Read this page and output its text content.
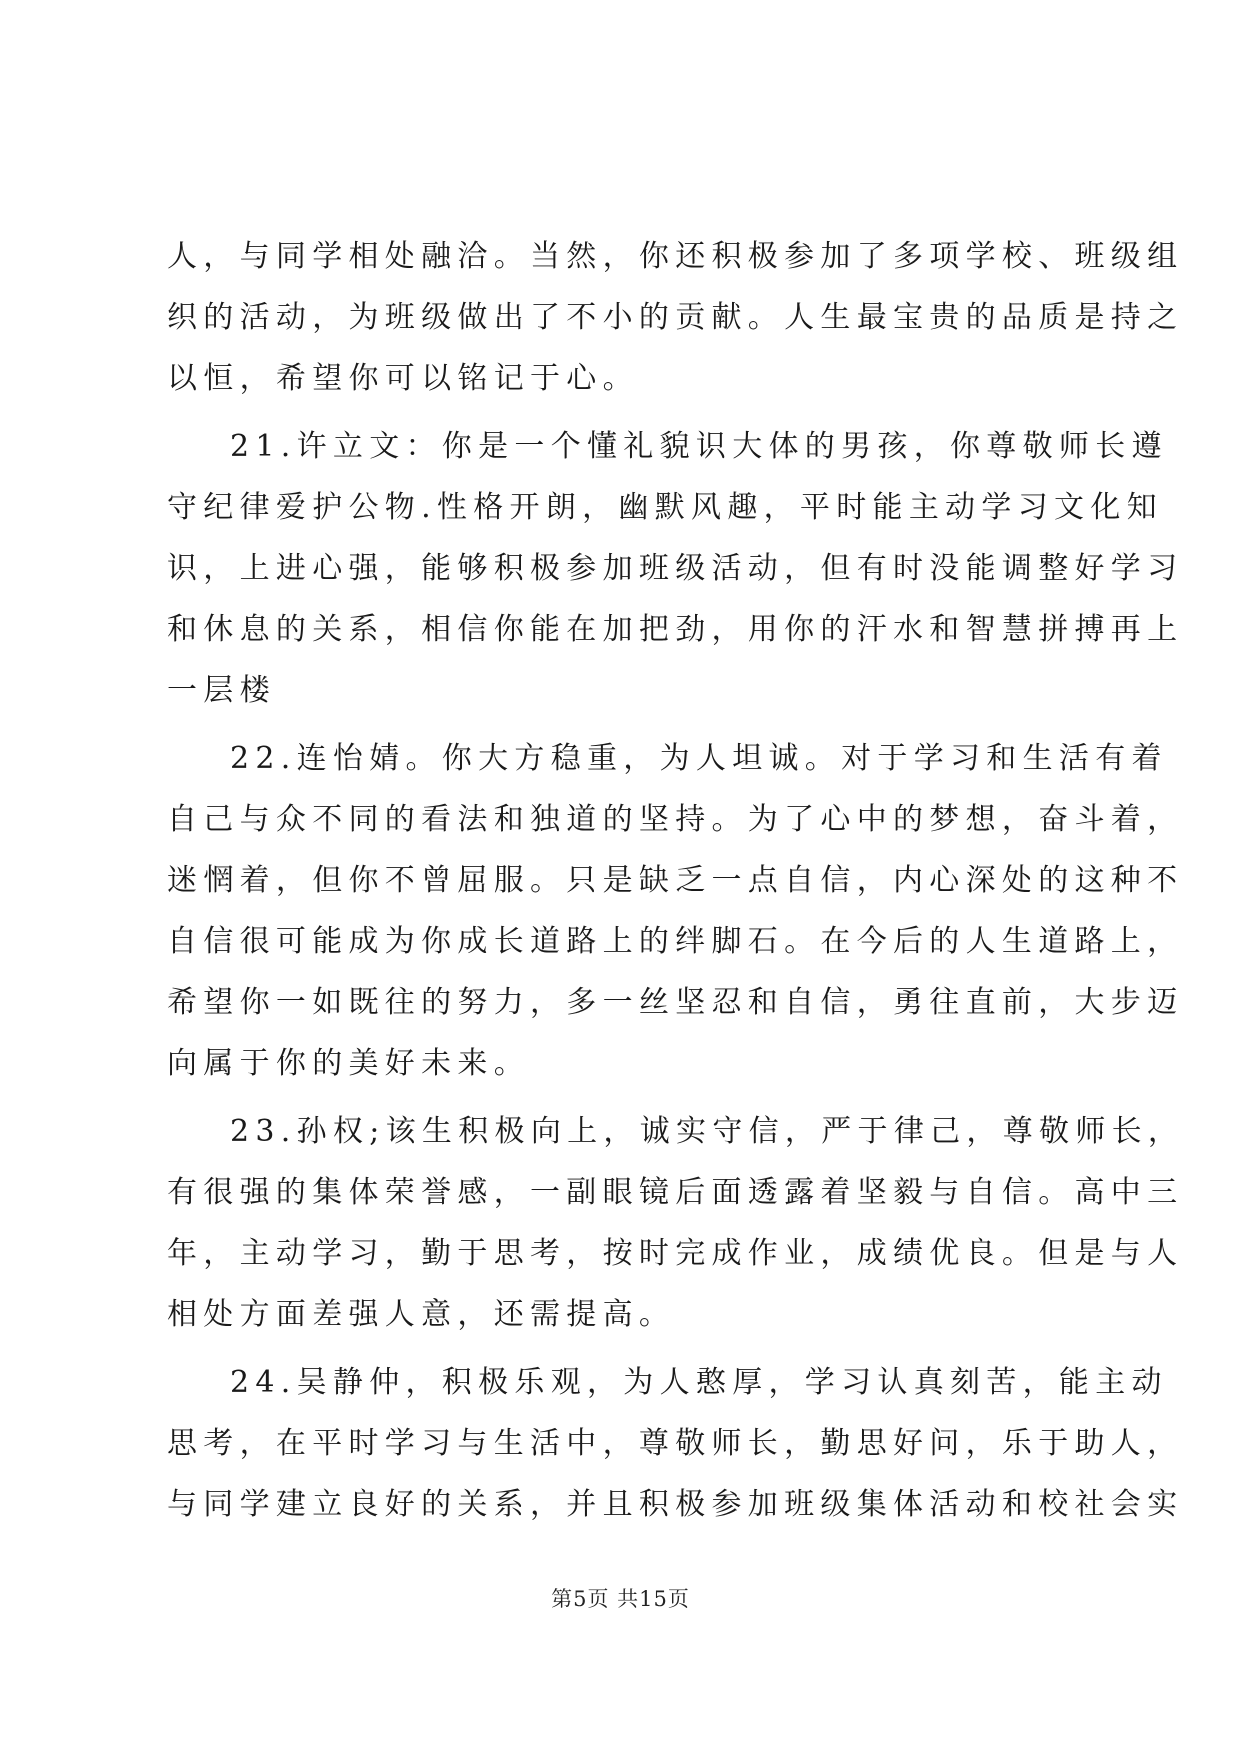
人，与同学相处融洽。当然，你还积极参加了多项学校、班级组
织的活动，为班级做出了不小的贡献。人生最宝贵的品质是持之
以恒，希望你可以铭记于心。
21.许立文：你是一个懂礼貌识大体的男孩，你尊敬师长遵
守纪律爱护公物.性格开朗，幽默风趣，平时能主动学习文化知
识，上进心强，能够积极参加班级活动，但有时没能调整好学习
和休息的关系，相信你能在加把劲，用你的汗水和智慧拼搏再上
一层楼
22.连怡婧。你大方稳重，为人坦诚。对于学习和生活有着
自己与众不同的看法和独道的坚持。为了心中的梦想，奋斗着，
迷惘着，但你不曾屈服。只是缺乏一点自信，内心深处的这种不
自信很可能成为你成长道路上的绊脚石。在今后的人生道路上，
希望你一如既往的努力，多一丝坚忍和自信，勇往直前，大步迈
向属于你的美好未来。
23.孙权;该生积极向上，诚实守信，严于律己，尊敬师长，
有很强的集体荣誉感，一副眼镜后面透露着坚毅与自信。高中三
年，主动学习，勤于思考，按时完成作业，成绩优良。但是与人
相处方面差强人意，还需提高。
24.吴静仲，积极乐观，为人憨厚，学习认真刻苦，能主动
思考，在平时学习与生活中，尊敬师长，勤思好问，乐于助人，
与同学建立良好的关系，并且积极参加班级集体活动和校社会实
第5页 共15页
